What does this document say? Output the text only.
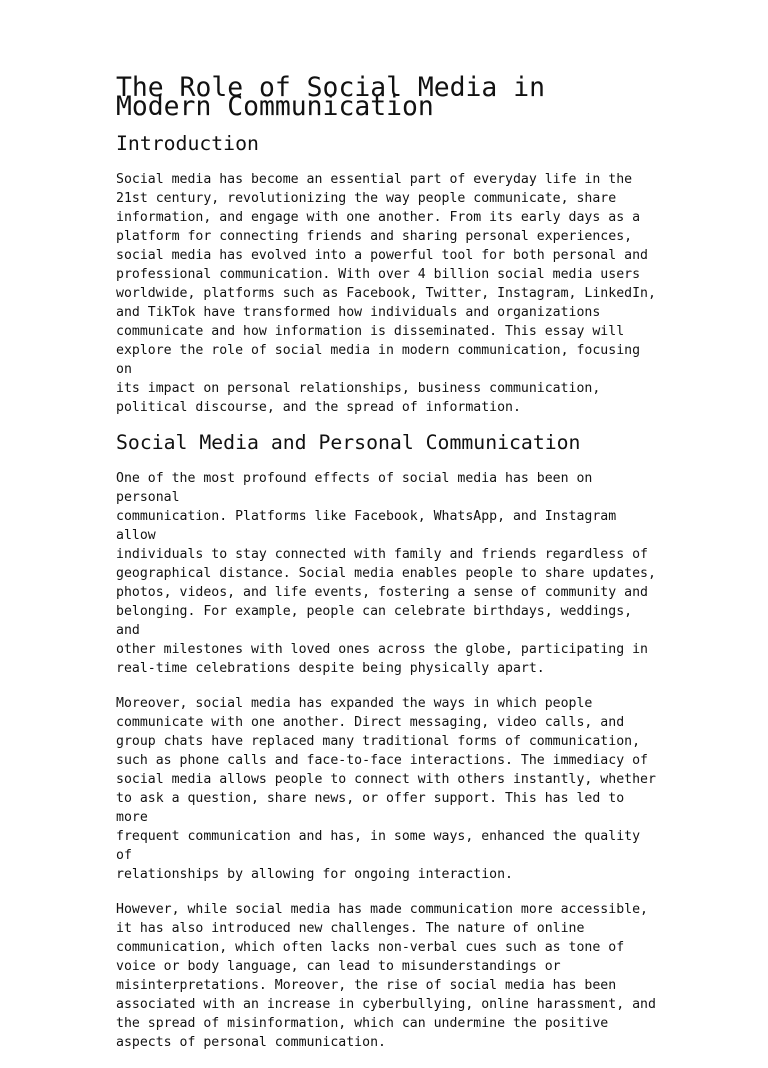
The Role of Social Media in Modern Communication
Introduction

Social media has become an essential part of everyday life in the
21st century, revolutionizing the way people communicate, share
information, and engage with one another. From its early days as a
platform for connecting friends and sharing personal experiences,
social media has evolved into a powerful tool for both personal and
professional communication. With over 4 billion social media users
worldwide, platforms such as Facebook, Twitter, Instagram, LinkedIn,
and TikTok have transformed how individuals and organizations
communicate and how information is disseminated. This essay will
explore the role of social media in modern communication, focusing on
its impact on personal relationships, business communication,
political discourse, and the spread of information.

Social Media and Personal Communication

One of the most profound effects of social media has been on personal
communication. Platforms like Facebook, WhatsApp, and Instagram allow
individuals to stay connected with family and friends regardless of
geographical distance. Social media enables people to share updates,
photos, videos, and life events, fostering a sense of community and
belonging. For example, people can celebrate birthdays, weddings, and
other milestones with loved ones across the globe, participating in
real-time celebrations despite being physically apart.

Moreover, social media has expanded the ways in which people
communicate with one another. Direct messaging, video calls, and
group chats have replaced many traditional forms of communication,
such as phone calls and face-to-face interactions. The immediacy of
social media allows people to connect with others instantly, whether
to ask a question, share news, or offer support. This has led to more
frequent communication and has, in some ways, enhanced the quality of
relationships by allowing for ongoing interaction.

However, while social media has made communication more accessible,
it has also introduced new challenges. The nature of online
communication, which often lacks non-verbal cues such as tone of
voice or body language, can lead to misunderstandings or
misinterpretations. Moreover, the rise of social media has been
associated with an increase in cyberbullying, online harassment, and
the spread of misinformation, which can undermine the positive
aspects of personal communication.
